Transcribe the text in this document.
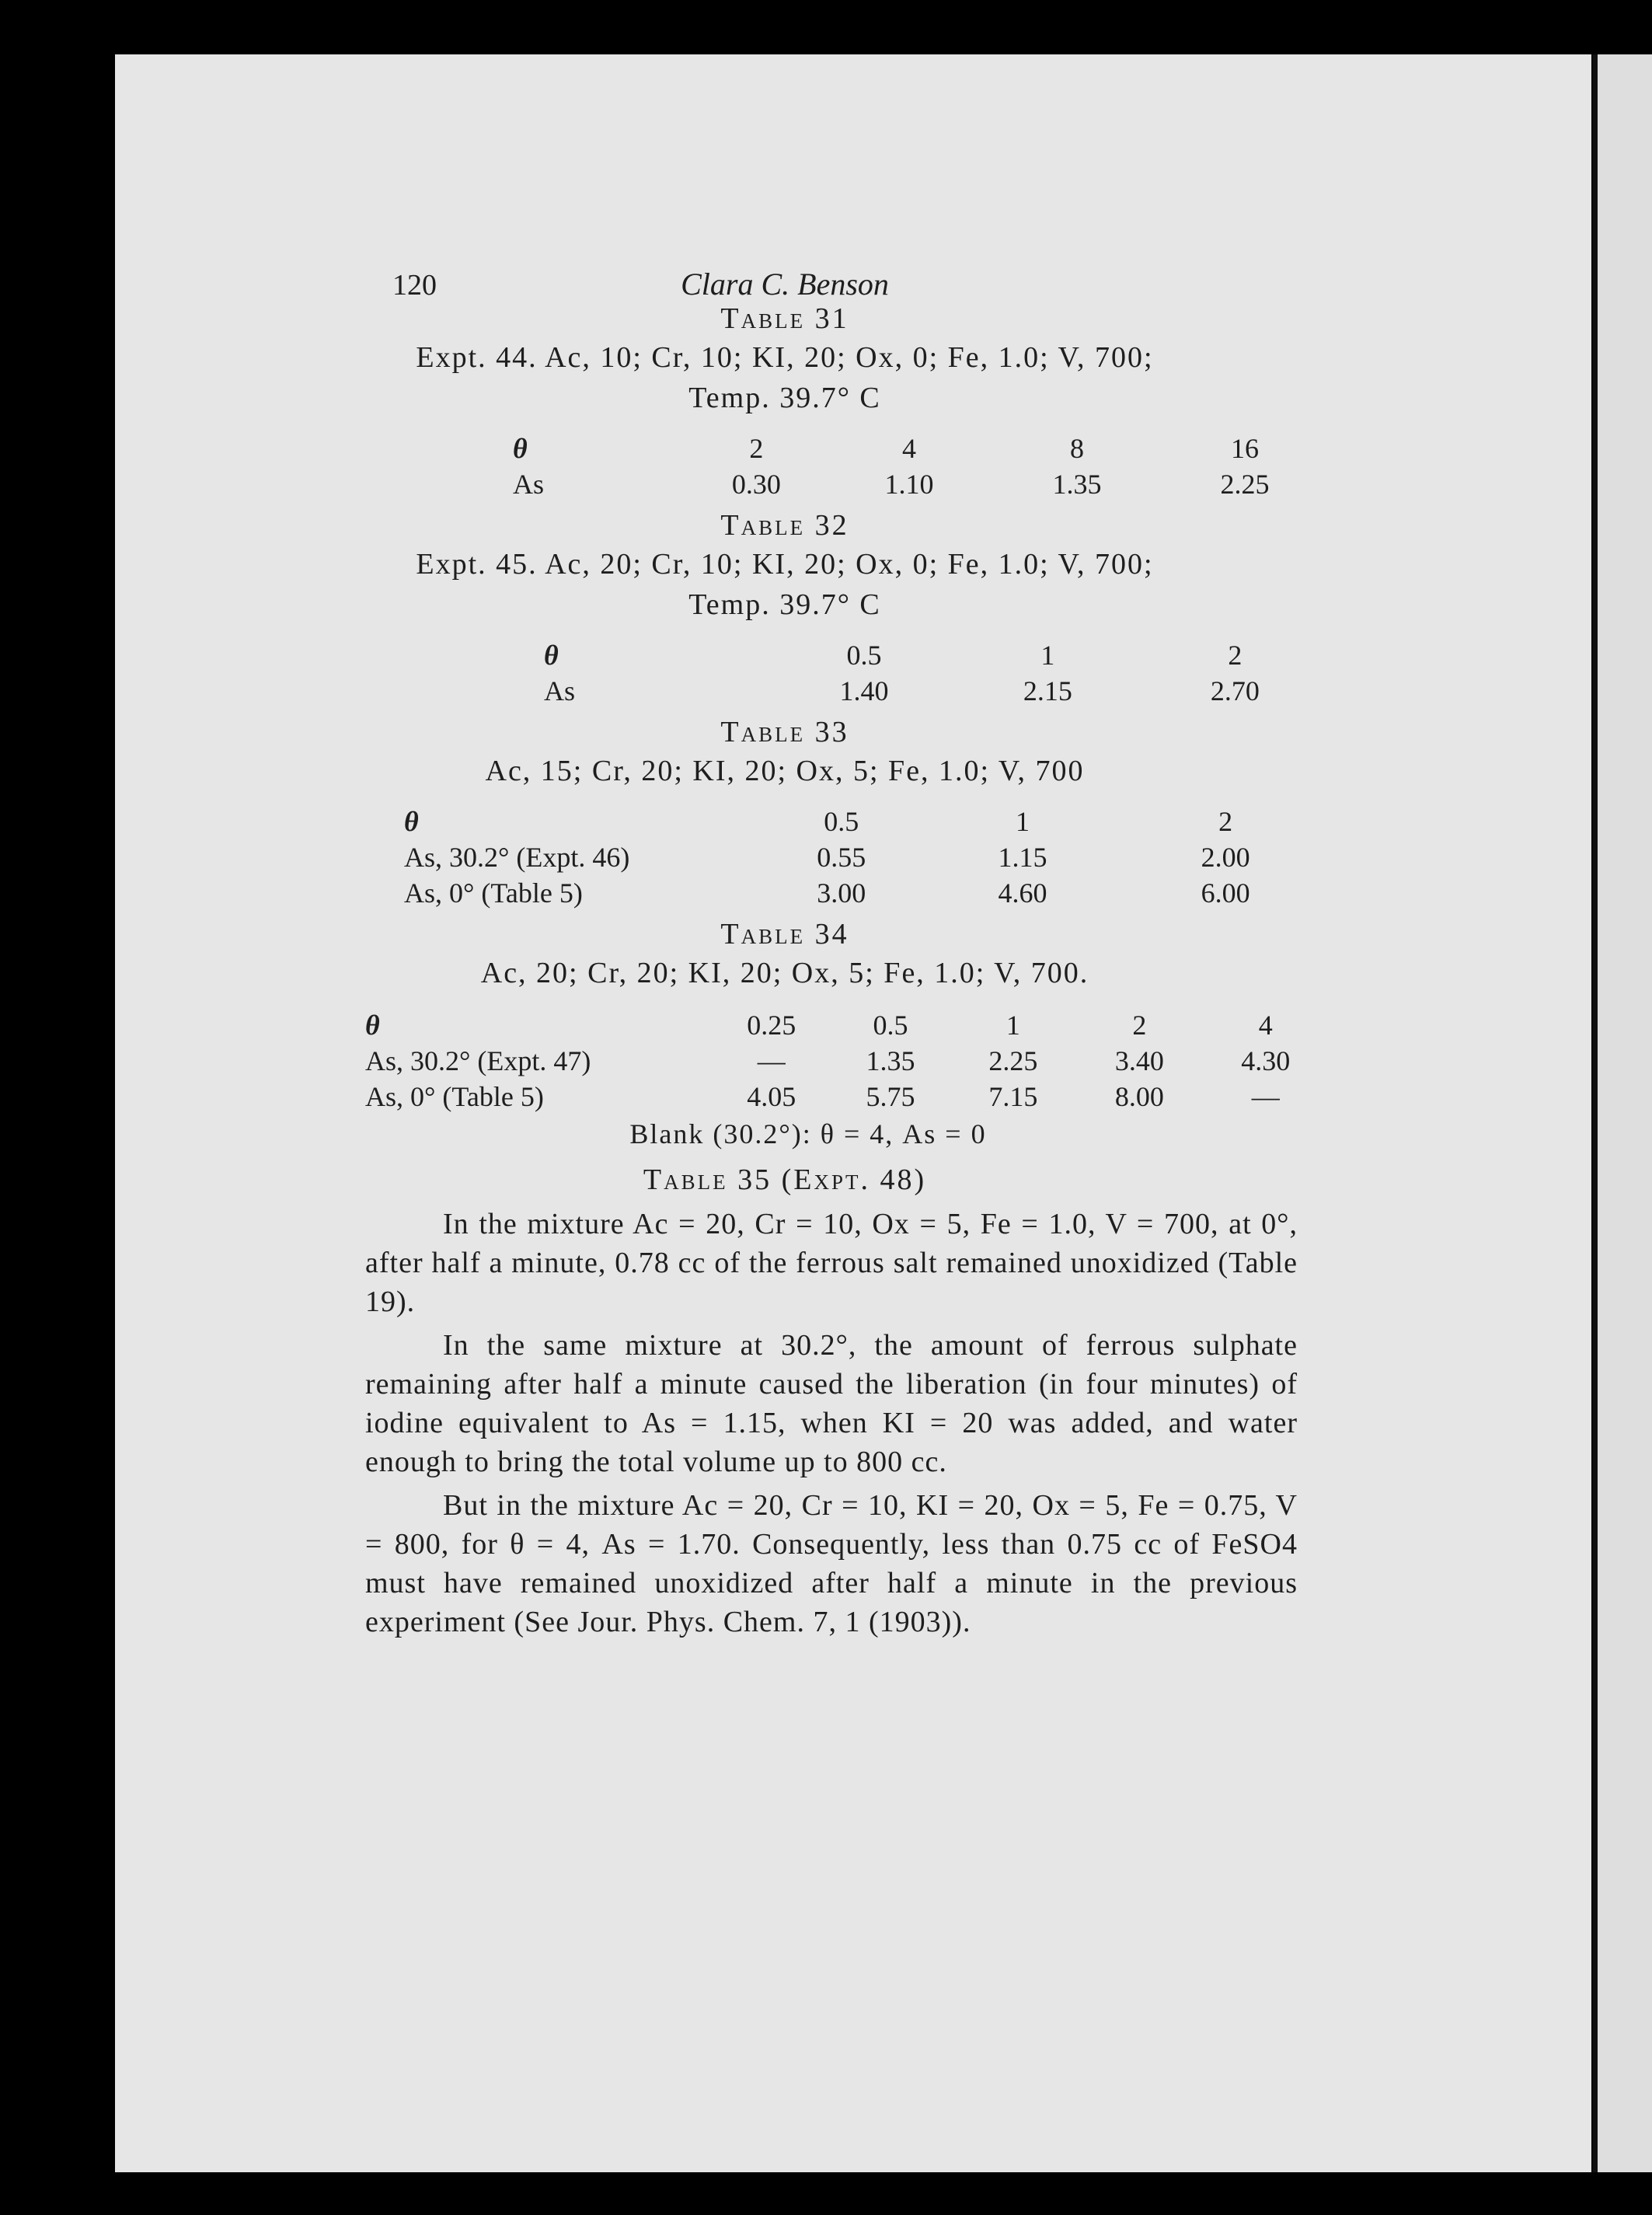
120	Clara C. Benson
Table 31
Expt. 44. Ac, 10; Cr, 10; KI, 20; Ox, 0; Fe, 1.0; V, 700;
Temp. 39.7° C
θ	2	4	8	16
As	0.30	1.10	1.35	2.25
Table 32
Expt. 45. Ac, 20; Cr, 10; KI, 20; Ox, 0; Fe, 1.0; V, 700;
Temp. 39.7° C
θ	0.5	1	2
As	1.40	2.15	2.70
Table 33
Ac, 15; Cr, 20; KI, 20; Ox, 5; Fe, 1.0; V, 700
θ	0.5	1	2
As, 30.2° (Expt. 46)	0.55	1.15	2.00
As, 0° (Table 5)	3.00	4.60	6.00
Table 34
Ac, 20; Cr, 20; KI, 20; Ox, 5; Fe, 1.0; V, 700.
θ	0.25	0.5	1	2	4
As, 30.2° (Expt. 47)	—	1.35	2.25	3.40	4.30
As, 0° (Table 5)	4.05	5.75	7.15	8.00	—
Blank (30.2°): θ = 4, As = 0
Table 35 (Expt. 48)

In the mixture Ac = 20, Cr = 10, Ox = 5, Fe = 1.0, V = 700, at 0°, after half a minute, 0.78 cc of the ferrous salt remained unoxidized (Table 19).

In the same mixture at 30.2°, the amount of ferrous sulphate remaining after half a minute caused the liberation (in four minutes) of iodine equivalent to As = 1.15, when KI = 20 was added, and water enough to bring the total volume up to 800 cc.

But in the mixture Ac = 20, Cr = 10, KI = 20, Ox = 5, Fe = 0.75, V = 800, for θ = 4, As = 1.70. Consequently, less than 0.75 cc of FeSO4 must have remained unoxidized after half a minute in the previous experiment (See Jour. Phys. Chem. 7, 1 (1903)).
